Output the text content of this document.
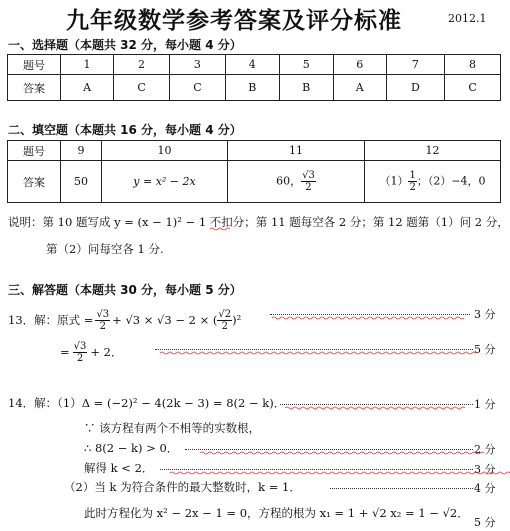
九年级数学参考答案及评分标准	2012.1
一、选择题（本题共 32 分，每小题 4 分）
题号	1	2	3	4	5	6	7	8
答案	A	C	C	B	B	A	D	C
二、填空题（本题共 16 分，每小题 4 分）
题号	9	10	11	12
答案	50	y = x² − 2x	60， $\frac{√3}{2}$	$(1) \frac{1}{2}$ ；（2）−4，0
说明：第 10 题写成 y = (x − 1)² − 1 不扣分；第 11 题每空各 2 分；第 12 题第（1）问 2 分，
第（2）问每空各 1 分.
三、解答题（本题共 30 分，每小题 5 分）
13．解：原式 = $\frac{√3}{2} + √3 \times √3 - 2$ × ( $\frac{√2}{2} )^2$	3 分
= $\frac{√3}{2} + 2$．	5 分
14．解：（1）Δ = (−2)² − 4(2k − 3) = 8(2 − k)．	1 分
∵ 该方程有两个不相等的实数根，
∴ 8(2 − k) > 0．	2 分
解得 k < 2．	3 分
（2）当 k 为符合条件的最大整数时，k = 1．	4 分
此时方程化为 x² − 2x − 1 = 0，方程的根为 x₁ = 1 + √2 x₂ = 1 − √2．
5 分
